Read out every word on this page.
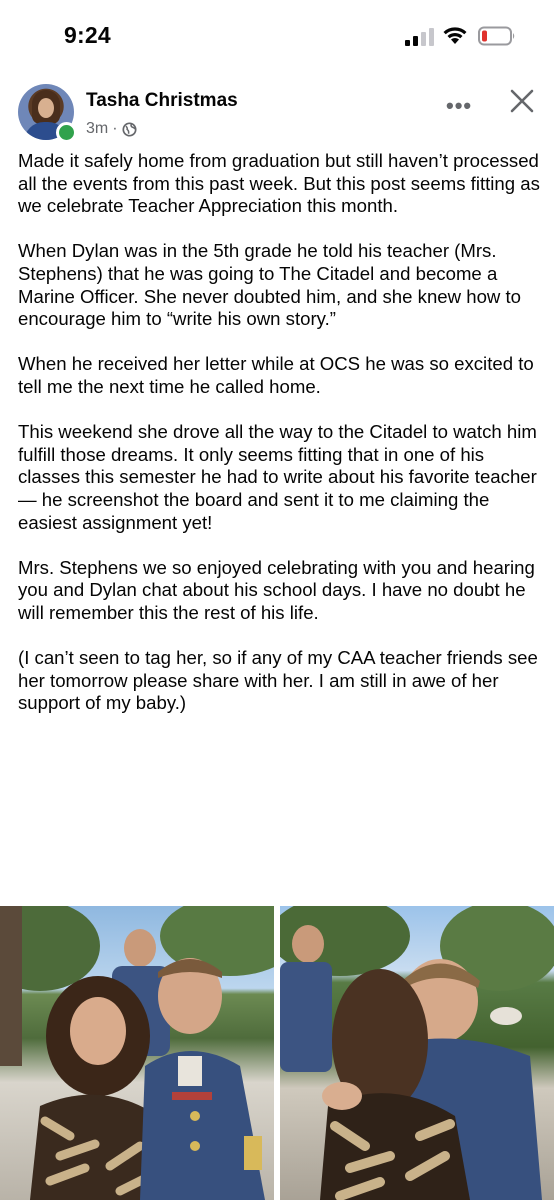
9:24
Tasha Christmas
3m ·
•••

Made it safely home from graduation but still haven’t processed all the events from this past week. But this post seems fitting as we celebrate Teacher Appreciation this month.

When Dylan was in the 5th grade he told his teacher (Mrs. Stephens) that he was going to The Citadel and become a Marine Officer. She never doubted him, and she knew how to encourage him to “write his own story.”

When he received her letter while at OCS he was so excited to tell me the next time he called home.

This weekend she drove all the way to the Citadel to watch him fulfill those dreams. It only seems fitting that in one of his classes this semester he had to write about his favorite teacher— he screenshot the board and sent it to me claiming the easiest assignment yet!

Mrs. Stephens we so enjoyed celebrating with you and hearing you and Dylan chat about his school days. I have no doubt he will remember this the rest of his life.

(I can’t seen to tag her, so if any of my CAA teacher friends see her tomorrow please share with her. I am still in awe of her support of my baby.)
